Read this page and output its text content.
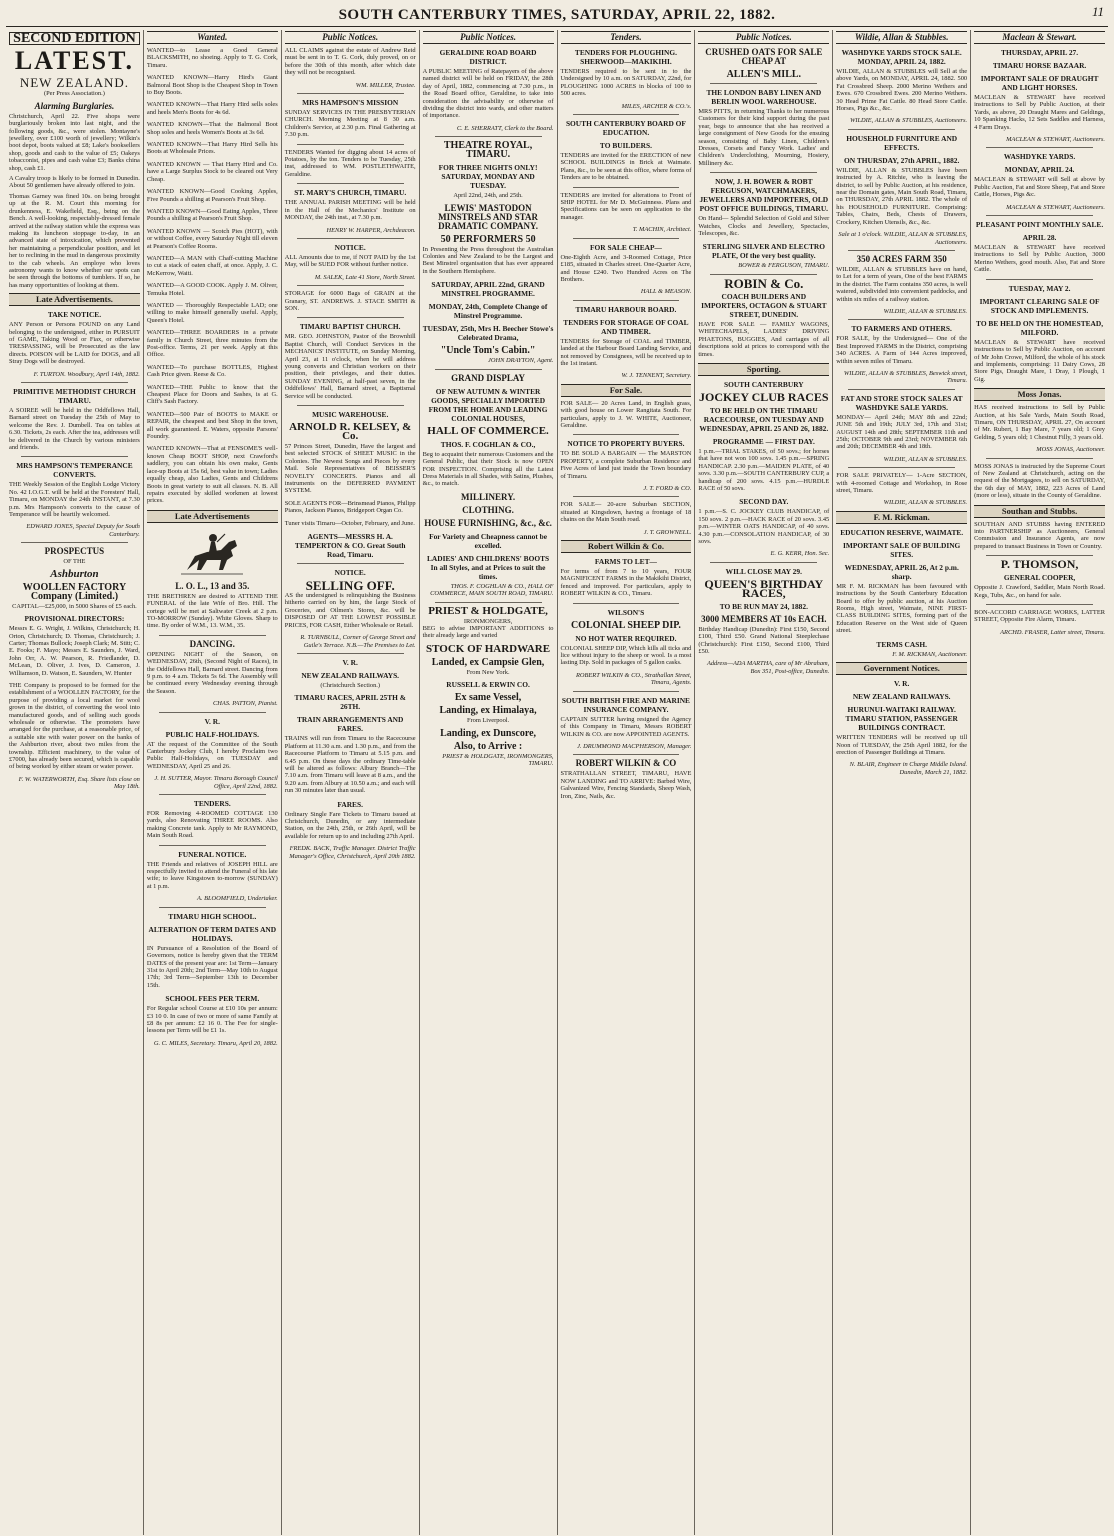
SOUTH CANTERBURY TIMES, SATURDAY, APRIL 22, 1882.	11
SECOND EDITION
LATEST.
NEW ZEALAND.
(Per Press Association.)
Alarming Burglaries.
Christchurch, April 22. Five shops were burglariously broken into last night, and the following goods, &c., were stolen. Montayne's jewellery, over £100 worth of jewellery; Wilkin's boot depot, boots valued at £8; Lake's booksellers shop, goods and cash to the value of £5; Oakeys tobacconist, pipes and cash value £3; Banks china shop, cash £1.
A Cavalry troop is likely to be formed in Dunedin. About 50 gentlemen have already offered to join.
Thomas Garney was fined 10s. on being brought up at the R. M. Court this morning for drunkenness, E. Wakefield, Esq., being on the Bench. A well-looking, respectably-dressed female arrived at the railway station while the express was making its luncheon stoppage to-day, in an advanced state of intoxication, which prevented her maintaining a perpendicular position, and let her to reclining in the mud in dangerous proximity to the cab wheels. An employe who loves astronomy wants to know whether our spots can be seen through the bottoms of tumblers. If so, he has many opportunities of looking at them.
Late Advertisements.
TAKE NOTICE.
ANY Person or Persons FOUND on any Land belonging to the undersigned, either in PURSUIT of GAME, Taking Wood or Fiax, or otherwise TRESPASSING, will be Prosecuted as the law directs. POISON will be LAID for DOGS, and all Stray Dogs will be destroyed.
F. TURTON. Woodbury, April 14th, 1882.
PRIMITIVE METHODIST CHURCH TIMARU.
A SOIREE will be held in the Oddfellows Hall, Barnard street on Tuesday the 25th of May to welcome the Rev. J. Dumbell. Tea on tables at 6.30. Tickets, 2s each. After the tea, addresses will be delivered in the Church by various ministers and friends.
MRS HAMPSON'S TEMPERANCE CONVERTS.
THE Weekly Session of the English Lodge Victory No. 42 I.O.G.T. will be held at the Foresters' Hall, Timaru, on MONDAY the 24th INSTANT, at 7.30 p.m. Mrs Hampson's converts to the cause of Temperance will be heartily welcomed.
EDWARD JONES, Special Deputy for South Canterbury.
PROSPECTUS
OF THE
Ashburton
WOOLLEN FACTORY Company (Limited.)
CAPITAL—£25,000, in 5000 Shares of £5 each.
PROVISIONAL DIRECTORS:
Messrs E. G. Wright, J. Wilkins, Christchurch; H. Orton, Christchurch; D. Thomas, Christchurch; J. Carter; Thomas Bullock; Joseph Clark; M. Stitt; C. E. Fooks; F. Mayo; Messrs E. Saunders, J. Ward, John Orr, A. W. Pearson, R. Friedlander, D. McLean, D. Oliver, J. Ives, D. Cameron, J. Williamson, D. Watson, E. Saunders, W. Hunter
THE Company is proposed to be formed for the establishment of a WOOLLEN FACTORY, for the purpose of providing a local market for wool grown in the district, of converting the wool into manufactured goods, and of selling such goods wholesale or otherwise. The promoters have arranged for the purchase, at a reasonable price, of a suitable site with water power on the banks of the Ashburton river, about two miles from the township. Efficient machinery, to the value of £7000, has already been secured, which is capable of being worked by either steam or water power.
F. W. WATERWORTH, Esq. Share lists close on May 18th.
Wanted.
WANTED—to Lease a Good General BLACKSMITH, no shoeing. Apply to T. G. Cork, Timaru.
WANTED KNOWN—Harry Hird's Giant Balmoral Boot Shop is the Cheapest Shop in Town to Buy Boots.
WANTED KNOWN—That Harry Hird sells soles and heels Men's Boots for 4s 6d.
WANTED KNOWN—That the Balmoral Boot Shop soles and heels Women's Boots at 3s 6d.
WANTED KNOWN—That Harry Hird Sells his Boots at Wholesale Prices.
WANTED KNOWN — That Harry Hird and Co. have a Large Surplus Stock to be cleared out Very Cheap.
WANTED KNOWN—Good Cooking Apples, Five Pounds a shilling at Pearson's Fruit Shop.
WANTED KNOWN—Good Eating Apples, Three Pounds a shilling at Pearson's Fruit Shop.
WANTED KNOWN — Scotch Pies (HOT), with or without Coffee, every Saturday Night till eleven at Pearson's Coffee Rooms.
WANTED—A MAN with Chaff-cutting Machine to cut a stack of oaten chaff, at once. Apply, J. C. McKerrow, Waiti.
WANTED—A GOOD COOK. Apply J. M. Oliver, Temuka Hotel.
WANTED — Thoroughly Respectable LAD; one willing to make himself generally useful. Apply, Queen's Hotel.
WANTED—THREE BOARDERS in a private family in Church Street, three minutes from the Post-office. Terms, 21 per week. Apply at this Office.
WANTED—To purchase BOTTLES, Highest Cash Price given. Reese & Co.
WANTED—THE Public to know that the Cheapest Place for Doors and Sashes, is at G. Cliff's Sash Factory.
WANTED—500 Pair of BOOTS to MAKE or REPAIR, the cheapest and best Shop in the town, all work guaranteed. E. Waters, opposite Parsons' Foundry.
WANTED KNOWN—That at FENSOME'S well-known Cheap BOOT SHOP, next Crawford's saddlery, you can obtain his own make, Gents lace-up Boots at 15s 6d, best value in town; Ladies equally cheap, also Ladies, Gents and Childrens Boots in great variety to suit all classes. N. B. All repairs executed by skilled workmen at lowest prices.
Late Advertisements
L. O. L., 13 and 35.
THE BRETHREN are desired to ATTEND THE FUNERAL of the late Wife of Bro. Hill. The cortege will be met at Saltwater Creek at 2 p.m. TO-MORROW (Sunday). White Gloves. Sharp to time. By order of W.M., 13. W.M., 35.
DANCING.
OPENING NIGHT of the Season, on WEDNESDAY, 26th, (Second Night of Races), in the Oddfellows Hall, Barnard street. Dancing from 9 p.m. to 4 a.m. Tickets 5s 6d. The Assembly will be continued every Wednesday evening through the Season.
CHAS. PATTON, Pianist.
V. R.
PUBLIC HALF-HOLIDAYS.
AT the request of the Committee of the South Canterbury Jockey Club, I hereby Proclaim two Public Half-Holidays, on TUESDAY and WEDNESDAY, April 25 and 26.
J. H. SUTTER, Mayor. Timaru Borough Council Office, April 22nd, 1882.
TENDERS.
FOR Removing 4-ROOMED COTTAGE 130 yards, also Renovating THREE ROOMS. Also making Concrete tank. Apply to Mr RAYMOND, Main South Road.
FUNERAL NOTICE.
THE Friends and relatives of JOSEPH HILL are respectfully invited to attend the Funeral of his late wife; to leave Kingstown to-morrow (SUNDAY) at 1 p.m.
A. BLOOMFIELD, Undertaker.
TIMARU HIGH SCHOOL.
ALTERATION OF TERM DATES AND HOLIDAYS.
IN Pursuance of a Resolution of the Board of Governors, notice is hereby given that the TERM DATES of the present year are: 1st Term—January 31st to April 20th; 2nd Term—May 10th to August 17th; 3rd Term—September 13th to December 15th.
SCHOOL FEES PER TERM.
For Regular school Course at £10 10s per annum: £3 10 0. In case of two or more of same Family at £8 8s per annum: £2 16 0. The Fee for single-lessons per Term will be £1 1s.
G. C. MILES, Secretary. Timaru, April 20, 1882.
Public Notices.
ALL CLAIMS against the estate of Andrew Reid must be sent in to T. G. Cork, duly proved, on or before the 30th of this month, after which date they will not be recognised.
WM. MILLER, Trustee.
MRS HAMPSON'S MISSION
SUNDAY SERVICES IN THE PRESBYTERIAN CHURCH. Morning Meeting at 8 30 a.m. Children's Service, at 2.30 p.m. Final Gathering at 7.30 p.m.
TENDERS Wanted for digging about 14 acres of Potatoes, by the ton. Tenders to be Tuesday, 25th inst, addressed to WM. POSTLETHWAITE, Geraldine.
ST. MARY'S CHURCH, TIMARU.
THE ANNUAL PARISH MEETING will be held in the Hall of the Mechanics' Institute on MONDAY, the 24th inst., at 7.30 p.m.
HENRY W. HARPER, Archdeacon.
NOTICE.
ALL Amounts due to me, if NOT PAID by the 1st May, will be SUED FOR without further notice.
M. SALEK, Late 41 Store, North Street.
STORAGE for 6000 Bags of GRAIN at the Granary, ST. ANDREWS. J. STACE SMITH & SON.
TIMARU BAPTIST CHURCH.
MR. GEO. JOHNSTON, Pastor of the Brownhill Baptist Church, will Conduct Services in the MECHANICS' INSTITUTE, on Sunday Morning, April 23, at 11 o'clock, when he will address young converts and Christian workers on their position, their privileges, and their duties. SUNDAY EVENING, at half-past seven, in the Oddfellows' Hall, Barnard street, a Baptismal Service will be conducted.
MUSIC WAREHOUSE.
ARNOLD R. KELSEY, & Co.
57 Princes Street, Dunedin, Have the largest and best selected STOCK of SHEET MUSIC in the Colonies. The Newest Songs and Pieces by every Mail. Sole Representatives of BEISSER'S NOVELTY CONCERTS. Pianos and all instruments on the DEFERRED PAYMENT SYSTEM.
SOLE AGENTS FOR—Brinsmead Pianos, Philipp Pianos, Jackson Pianos, Bridgeport Organ Co.
Tuner visits Timaru—October, February, and June.
AGENTS—MESSRS H. A. TEMPERTON & CO. Great South Road, Timaru.
NOTICE.
SELLING OFF.
AS the undersigned is relinquishing the Business hitherto carried on by him, the large Stock of Groceries, and Oilmen's Stores, &c. will be DISPOSED OF AT THE LOWEST POSSIBLE PRICES, FOR CASH, Either Wholesale or Retail.
R. TURNBULL, Corner of George Street and Guile's Terrace. N.B.—The Premises to Let.
V. R.
NEW ZEALAND RAILWAYS.
(Christchurch Section.)
TIMARU RACES, APRIL 25TH & 26TH.
TRAIN ARRANGEMENTS AND FARES.
TRAINS will run from Timaru to the Racecourse Platform at 11.30 a.m. and 1.30 p.m., and from the Racecourse Platform to Timaru at 5.15 p.m. and 6.45 p.m. On these days the ordinary Time-table will be altered as follows: Albury Branch—The 7.10 a.m. from Timaru will leave at 8 a.m., and the 9.20 a.m. from Albury at 10.50 a.m.; and each will run 30 minutes later than usual.
FARES.
Ordinary Single Fare Tickets to Timaru issued at Christchurch, Dunedin, or any intermediate Station, on the 24th, 25th, or 26th April, will be available for return up to and including 27th April.
FREDK. BACK, Traffic Manager. District Traffic Manager's Office, Christchurch, April 20th 1882.
Public Notices.
GERALDINE ROAD BOARD DISTRICT.
A PUBLIC MEETING of Ratepayers of the above named district will be held on FRIDAY, the 28th day of April, 1882, commencing at 7.30 p.m., in the Road Board office, Geraldine, to take into consideration the advisability or otherwise of dividing the district into wards, and other matters of importance.
C. E. SHERRATT, Clerk to the Board.
THEATRE ROYAL, TIMARU.
FOR THREE NIGHTS ONLY! SATURDAY, MONDAY AND TUESDAY.
April 22nd, 24th, and 25th.
LEWIS' MASTODON MINSTRELS AND STAR DRAMATIC COMPANY.
50 PERFORMERS 50
In Presenting the Press throughout the Australian Colonies and New Zealand to be the Largest and Best Minstrel organisation that has ever appeared in the Southern Hemisphere.
SATURDAY, APRIL 22nd, GRAND MINSTREL PROGRAMME.
MONDAY, 24th, Complete Change of Minstrel Programme.
TUESDAY, 25th, Mrs H. Beecher Stowe's Celebrated Drama,
"Uncle Tom's Cabin."
JOHN DRAYTON, Agent.
GRAND DISPLAY
OF NEW AUTUMN & WINTER GOODS, SPECIALLY IMPORTED FROM THE HOME AND LEADING COLONIAL HOUSES,
HALL OF COMMERCE.
THOS. F. COGHLAN & CO.,
Beg to acquaint their numerous Customers and the General Public, that their Stock is now OPEN FOR INSPECTION. Comprising all the Latest Dress Materials in all Shades, with Satins, Plushes, &c., to match.
MILLINERY.
CLOTHING.
HOUSE FURNISHING, &c., &c.
For Variety and Cheapness cannot be excelled.
LADIES' AND CHILDRENS' BOOTS In all Styles, and at Prices to suit the times.
THOS. F. COGHLAN & CO., HALL OF COMMERCE, MAIN SOUTH ROAD, TIMARU.
PRIEST & HOLDGATE,
IRONMONGERS,
BEG to advise IMPORTANT ADDITIONS to their already large and varied
STOCK OF HARDWARE
Landed, ex Campsie Glen,
From New York.
RUSSELL & ERWIN CO.
Ex same Vessel,
Landing, ex Himalaya,
From Liverpool.
Landing, ex Dunscore,
Also, to Arrive :
PRIEST & HOLDGATE, IRONMONGERS, TIMARU.
Tenders.
TENDERS FOR PLOUGHING. SHERWOOD—MAKIKIHI.
TENDERS required to be sent in to the Undersigned by 10 a.m. on SATURDAY, 22nd, for PLOUGHING 1000 ACRES in blocks of 100 to 500 acres.
MILES, ARCHER & CO.'s.
SOUTH CANTERBURY BOARD OF EDUCATION.
TO BUILDERS.
TENDERS are invited for the ERECTION of new SCHOOL BUILDINGS in Brick at Waimate. Plans, &c., to be seen at this office, where forms of Tenders are to be obtained.
TENDERS are invited for alterations to Front of SHIP HOTEL for Mr D. McGuinness. Plans and Specifications can be seen on application to the manager.
T. MACHIN, Architect.
FOR SALE CHEAP—
One-Eighth Acre, and 3-Roomed Cottage, Price £185, situated in Charles street. One-Quarter Acre, and House £240. Two Hundred Acres on The Brothers.
HALL & MEASON.
TIMARU HARBOUR BOARD.
TENDERS FOR STORAGE OF COAL AND TIMBER.
TENDERS for Storage of COAL and TIMBER, landed at the Harbour Board Landing Service, and not removed by Consignees, will be received up to the 1st instant.
W. J. TENNENT, Secretary.
For Sale.
FOR SALE— 20 Acres Land, in English grass, with good house on Lower Rangitata South. For particulars, apply to J. W. WHITE, Auctioneer, Geraldine.
NOTICE TO PROPERTY BUYERS.
TO BE SOLD A BARGAIN — The MARSTON PROPERTY, a complete Suburban Residence and Five Acres of land just inside the Town boundary of Timaru.
J. T. FORD & CO.
FOR SALE— 20-acre Suburban SECTION, situated at Kingsdown, having a frontage of 18 chains on the Main South road.
J. T. GROWNELL.
Robert Wilkin & Co.
FARMS TO LET—
For terms of from 7 to 10 years, FOUR MAGNIFICENT FARMS in the Makikihi District, fenced and improved. For particulars, apply to ROBERT WILKIN & CO., Timaru.
WILSON'S
COLONIAL SHEEP DIP.
NO HOT WATER REQUIRED.
COLONIAL SHEEP DIP, Which kills all ticks and lice without injury to the sheep or wool. Is a most lasting Dip. Sold in packages of 5 gallon casks.
ROBERT WILKIN & CO., Strathallan Street, Timaru, Agents.
SOUTH BRITISH FIRE AND MARINE INSURANCE COMPANY.
CAPTAIN SUTTER having resigned the Agency of this Company in Timaru, Messrs ROBERT WILKIN & CO. are now APPOINTED AGENTS.
J. DRUMMOND MACPHERSON, Manager.
ROBERT WILKIN & CO
STRATHALLAN STREET, TIMARU, HAVE NOW LANDING and TO ARRIVE: Barbed Wire, Galvanized Wire, Fencing Standards, Sheep Wash, Iron, Zinc, Nails, &c.
Public Notices.
CRUSHED OATS FOR SALE CHEAP AT
ALLEN'S MILL.
THE LONDON BABY LINEN AND BERLIN WOOL WAREHOUSE.
MRS PITTS, in returning Thanks to her numerous Customers for their kind support during the past year, begs to announce that she has received a large consignment of New Goods for the ensuing season, consisting of Baby Linen, Children's Dresses, Corsets and Fancy Work. Ladies' and Children's Underclothing, Mourning, Hosiery, Millinery &c.
NOW, J. H. BOWER & ROBT FERGUSON, WATCHMAKERS, JEWELLERS AND IMPORTERS, OLD POST OFFICE BUILDINGS, TIMARU.
On Hand— Splendid Selection of Gold and Silver Watches, Clocks and Jewellery, Spectacles, Telescopes, &c.
STERLING SILVER AND ELECTRO PLATE, Of the very best quality.
BOWER & FERGUSON, TIMARU.
ROBIN & Co.
COACH BUILDERS AND IMPORTERS, OCTAGON & STUART STREET, DUNEDIN.
HAVE FOR SALE — FAMILY WAGONS, WHITECHAPELS, LADIES' DRIVING PHAETONS, BUGGIES, And carriages of all descriptions sold at prices to correspond with the times.
Sporting.
SOUTH CANTERBURY
JOCKEY CLUB RACES
TO BE HELD ON THE TIMARU RACECOURSE, ON TUESDAY AND WEDNESDAY, APRIL 25 AND 26, 1882.
PROGRAMME — FIRST DAY.
1 p.m.—TRIAL STAKES, of 50 sovs.; for horses that have not won 100 sovs. 1.45 p.m.—SPRING HANDICAP. 2.30 p.m.—MAIDEN PLATE, of 40 sovs. 3.30 p.m.—SOUTH CANTERBURY CUP, a handicap of 200 sovs. 4.15 p.m.—HURDLE RACE of 50 sovs.
SECOND DAY.
1 p.m.—S. C. JOCKEY CLUB HANDICAP, of 150 sovs. 2 p.m.—HACK RACE of 20 sovs. 3.45 p.m.—WINTER OATS HANDICAP, of 40 sovs. 4.30 p.m.—CONSOLATION HANDICAP, of 30 sovs.
E. G. KERR, Hon. Sec.
WILL CLOSE MAY 29.
QUEEN'S BIRTHDAY RACES,
TO BE RUN MAY 24, 1882.
3000 MEMBERS AT 10s EACH.
Birthday Handicap (Dunedin): First £150, Second £100, Third £50. Grand National Steeplechase (Christchurch): First £150, Second £100, Third £50.
Address—ADA MARTHA, care of Mr Abraham, Box 351, Post-office, Dunedin.
Wildie, Allan & Stubbles.
WASHDYKE YARDS STOCK SALE. MONDAY, APRIL 24, 1882.
WILDIE, ALLAN & STUBBLES will Sell at the above Yards, on MONDAY, APRIL 24, 1882. 500 Fat Crossbred Sheep. 2000 Merino Wethers and Ewes. 670 Crossbred Ewes. 200 Merino Wethers. 30 Head Prime Fat Cattle. 80 Head Store Cattle. Horses, Pigs &c., &c.
WILDIE, ALLAN & STUBBLES, Auctioneers.
HOUSEHOLD FURNITURE AND EFFECTS.
ON THURSDAY, 27th APRIL, 1882.
WILDIE, ALLAN & STUBBLES have been instructed by A. Ritchie, who is leaving the district, to sell by Public Auction, at his residence, near the Domain gates, Main South Road, Timaru, on THURSDAY, 27th APRIL 1882. The whole of his HOUSEHOLD FURNITURE. Comprising: Tables, Chairs, Beds, Chests of Drawers, Crockery, Kitchen Utensils, &c., &c.
Sale at 1 o'clock. WILDIE, ALLAN & STUBBLES, Auctioneers.
350 ACRES FARM 350
WILDIE, ALLAN & STUBBLES have on hand, to Let for a term of years, One of the best FARMS in the district. The Farm contains 350 acres, is well watered, subdivided into convenient paddocks, and within six miles of a railway station.
WILDIE, ALLAN & STUBBLES.
TO FARMERS AND OTHERS.
FOR SALE, by the Undersigned— One of the Best Improved FARMS in the District, comprising 340 ACRES. A Farm of 144 Acres improved, within seven miles of Timaru.
WILDIE, ALLAN & STUBBLES, Beswick street, Timaru.
FAT AND STORE STOCK SALES AT WASHDYKE SALE YARDS.
MONDAY— April 24th; MAY 8th and 22nd; JUNE 5th and 19th; JULY 3rd, 17th and 31st; AUGUST 14th and 28th; SEPTEMBER 11th and 25th; OCTOBER 9th and 23rd; NOVEMBER 6th and 20th; DECEMBER 4th and 18th.
WILDIE, ALLAN & STUBBLES.
FOR SALE PRIVATELY— 1-Acre SECTION, with 4-roomed Cottage and Workshop, in Rose street, Timaru.
WILDIE, ALLAN & STUBBLES.
F. M. Rickman.
EDUCATION RESERVE, WAIMATE.
IMPORTANT SALE OF BUILDING SITES.
WEDNESDAY, APRIL 26, At 2 p.m. sharp.
MR F. M. RICKMAN has been favoured with instructions by the South Canterbury Education Board to offer by public auction, at his Auction Rooms, High street, Waimate, NINE FIRST-CLASS BUILDING SITES, forming part of the Education Reserve on the West side of Queen street.
TERMS CASH.
F. M. RICKMAN, Auctioneer.
Government Notices.
V. R.
NEW ZEALAND RAILWAYS.
HURUNUI-WAITAKI RAILWAY. TIMARU STATION, PASSENGER BUILDINGS CONTRACT.
WRITTEN TENDERS will be received up till Noon of TUESDAY, the 25th April 1882, for the erection of Passenger Buildings at Timaru.
N. BLAIR, Engineer in Charge Middle Island. Dunedin, March 21, 1882.
Maclean & Stewart.
THURSDAY, APRIL 27.
TIMARU HORSE BAZAAR.
IMPORTANT SALE OF DRAUGHT AND LIGHT HORSES.
MACLEAN & STEWART have received instructions to Sell by Public Auction, at their Yards, as above, 20 Draught Mares and Geldings, 10 Spanking Hacks, 12 Sets Saddles and Harness, 4 Farm Drays.
MACLEAN & STEWART, Auctioneers.
WASHDYKE YARDS.
MONDAY, APRIL 24.
MACLEAN & STEWART will Sell at above by Public Auction, Fat and Store Sheep, Fat and Store Cattle, Horses, Pigs &c.
MACLEAN & STEWART, Auctioneers.
PLEASANT POINT MONTHLY SALE.
APRIL 28.
MACLEAN & STEWART have received instructions to Sell by Public Auction, 3000 Merino Wethers, good mouth. Also, Fat and Store Cattle.
TUESDAY, MAY 2.
IMPORTANT CLEARING SALE OF STOCK AND IMPLEMENTS.
TO BE HELD ON THE HOMESTEAD, MILFORD.
MACLEAN & STEWART have received instructions to Sell by Public Auction, on account of Mr John Crowe, Milford, the whole of his stock and implements, comprising: 11 Dairy Cows, 28 Store Pigs, Draught Mare, 1 Dray, 1 Plough, 1 Gig.
Moss Jonas.
HAS received instructions to Sell by Public Auction, at his Sale Yards, Main South Road, Timaru, ON THURSDAY, APRIL 27, On account of Mr. Rubert, 1 Bay Mare, 7 years old; 1 Grey Gelding, 5 years old; 1 Chestnut Filly, 3 years old.
MOSS JONAS, Auctioneer.
MOSS JONAS is instructed by the Supreme Court of New Zealand at Christchurch, acting on the request of the Mortgagees, to sell on SATURDAY, the 6th day of MAY, 1882, 223 Acres of Land (more or less), situate in the County of Geraldine.
Southan and Stubbs.
SOUTHAN AND STUBBS having ENTERED into PARTNERSHIP as Auctioneers, General Commission and Insurance Agents, are now prepared to transact Business in Town or Country.
P. THOMSON,
GENERAL COOPER,
Opposite J. Crawford, Saddler, Main North Road. Kegs, Tubs, &c., on hand for sale.
BON-ACCORD CARRIAGE WORKS, LATTER STREET, Opposite Fire Alarm, Timaru.
ARCHD. FRASER, Latter street, Timaru.
